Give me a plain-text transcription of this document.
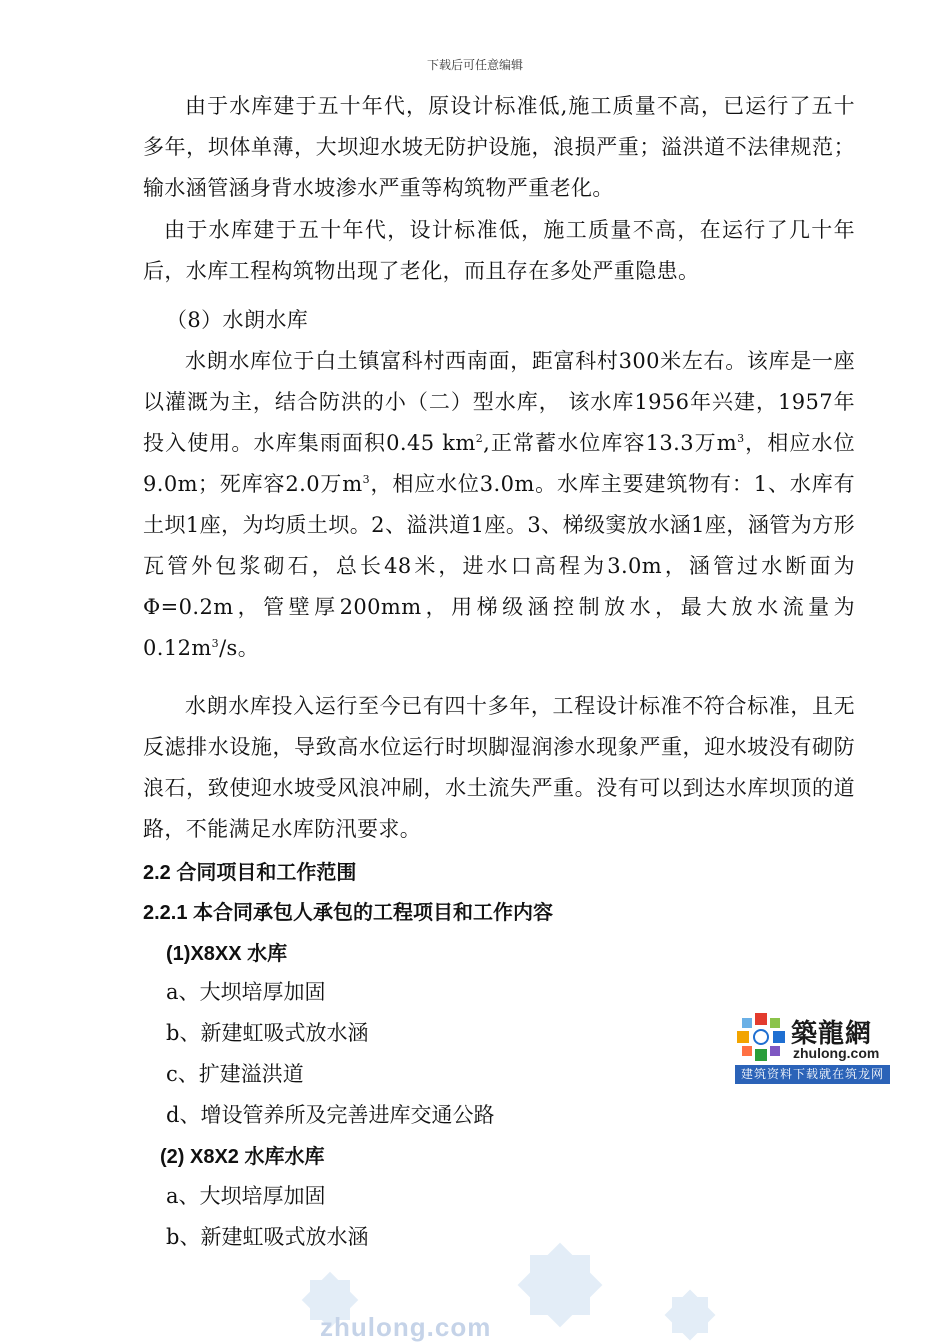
下载后可任意编辑
由于水库建于五十年代，原设计标准低,施工质量不高，已运行了五十多年，坝体单薄，大坝迎水坡无防护设施，浪损严重；溢洪道不法律规范；输水涵管涵身背水坡渗水严重等构筑物严重老化。
由于水库建于五十年代，设计标准低，施工质量不高，在运行了几十年后，水库工程构筑物出现了老化，而且存在多处严重隐患。
（8）水朗水库
水朗水库位于白土镇富科村西南面，距富科村300米左右。该库是一座以灌溉为主，结合防洪的小（二）型水库， 该水库1956年兴建，1957年投入使用。水库集雨面积0.45 $km^2$,正常蓄水位库容13.3万$m^3$，相应水位9.0m；死库容2.0万$m^3$，相应水位3.0m。水库主要建筑物有：1、水库有土坝1座，为均质土坝。2、溢洪道1座。3、梯级窦放水涵1座，涵管为方形瓦管外包浆砌石，总长48米，进水口高程为3.0m，涵管过水断面为Φ=0.2m，管壁厚200mm，用梯级涵控制放水，最大放水流量为$0.12m^3/s$。
水朗水库投入运行至今已有四十多年，工程设计标准不符合标准，且无反滤排水设施，导致高水位运行时坝脚湿润渗水现象严重，迎水坡没有砌防浪石，致使迎水坡受风浪冲刷，水土流失严重。没有可以到达水库坝顶的道路，不能满足水库防汛要求。
2.2 合同项目和工作范围
2.2.1 本合同承包人承包的工程项目和工作内容
(1)X8XX 水库
a、大坝培厚加固
b、新建虹吸式放水涵
c、扩建溢洪道
d、增设管养所及完善进库交通公路
(2) X8X2 水库水库
a、大坝培厚加固
b、新建虹吸式放水涵
築龍網
zhulong.com
建筑资料下载就在筑龙网
zhulong.com
